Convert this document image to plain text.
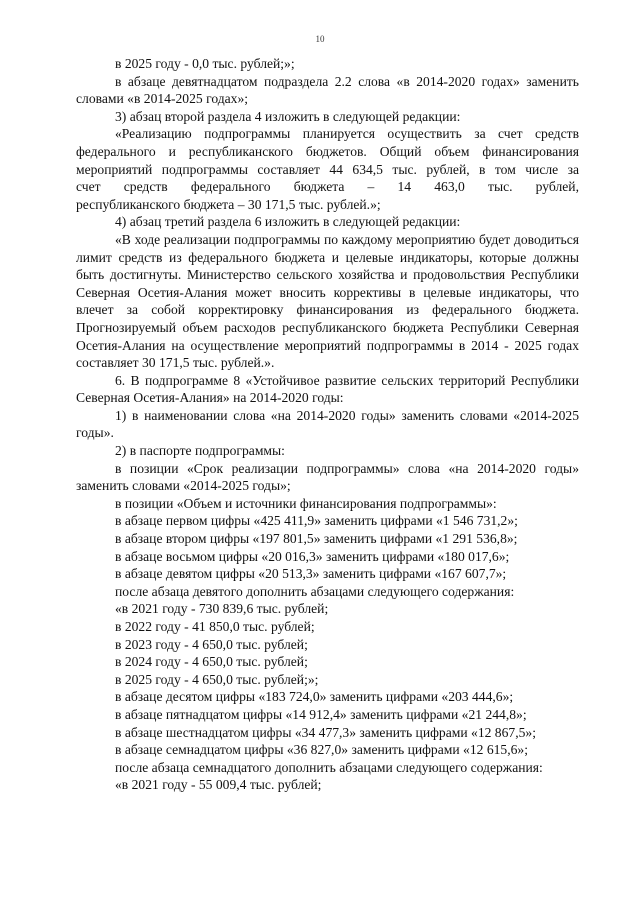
10

в 2025 году - 0,0 тыс. рублей;»;

в абзаце девятнадцатом подраздела 2.2 слова «в 2014-2020 годах» заменить словами «в 2014-2025 годах»;

3) абзац второй раздела 4 изложить в следующей редакции:

«Реализацию подпрограммы планируется осуществить за счет средств федерального и республиканского бюджетов. Общий объем финансирования мероприятий подпрограммы составляет 44 634,5 тыс. рублей, в том числе за

счет средств федерального бюджета – 14 463,0 тыс. рублей,

республиканского бюджета – 30 171,5 тыс. рублей.»;

4) абзац третий раздела 6 изложить в следующей редакции:

«В ходе реализации подпрограммы по каждому мероприятию будет доводиться лимит средств из федерального бюджета и целевые индикаторы, которые должны быть достигнуты. Министерство сельского хозяйства и продовольствия Республики Северная Осетия-Алания может вносить коррективы в целевые индикаторы, что влечет за собой корректировку финансирования из федерального бюджета. Прогнозируемый объем расходов республиканского бюджета Республики Северная Осетия-Алания на осуществление мероприятий подпрограммы в 2014 - 2025 годах составляет 30 171,5 тыс. рублей.».

6. В подпрограмме 8 «Устойчивое развитие сельских территорий Республики Северная Осетия-Алания» на 2014-2020 годы:

1) в наименовании слова «на 2014-2020 годы» заменить словами «2014-2025 годы».

2) в паспорте подпрограммы:

в позиции «Срок реализации подпрограммы» слова «на 2014-2020 годы» заменить словами «2014-2025 годы»;

в позиции «Объем и источники финансирования подпрограммы»:

в абзаце первом цифры «425 411,9» заменить цифрами «1 546 731,2»;

в абзаце втором цифры «197 801,5» заменить цифрами «1 291 536,8»;

в абзаце восьмом цифры «20 016,3» заменить цифрами «180 017,6»;

в абзаце девятом цифры «20 513,3» заменить цифрами «167 607,7»;

после абзаца девятого дополнить абзацами следующего содержания:

«в 2021 году - 730 839,6 тыс. рублей;

в 2022 году - 41 850,0 тыс. рублей;

в 2023 году - 4 650,0 тыс. рублей;

в 2024 году - 4 650,0 тыс. рублей;

в 2025 году - 4 650,0 тыс. рублей;»;

в абзаце десятом цифры «183 724,0» заменить цифрами «203 444,6»;

в абзаце пятнадцатом цифры «14 912,4» заменить цифрами «21 244,8»;

в абзаце шестнадцатом цифры «34 477,3» заменить цифрами «12 867,5»;

в абзаце семнадцатом цифры «36 827,0» заменить цифрами «12 615,6»;

после абзаца семнадцатого дополнить абзацами следующего содержания:

«в 2021 году - 55 009,4 тыс. рублей;
